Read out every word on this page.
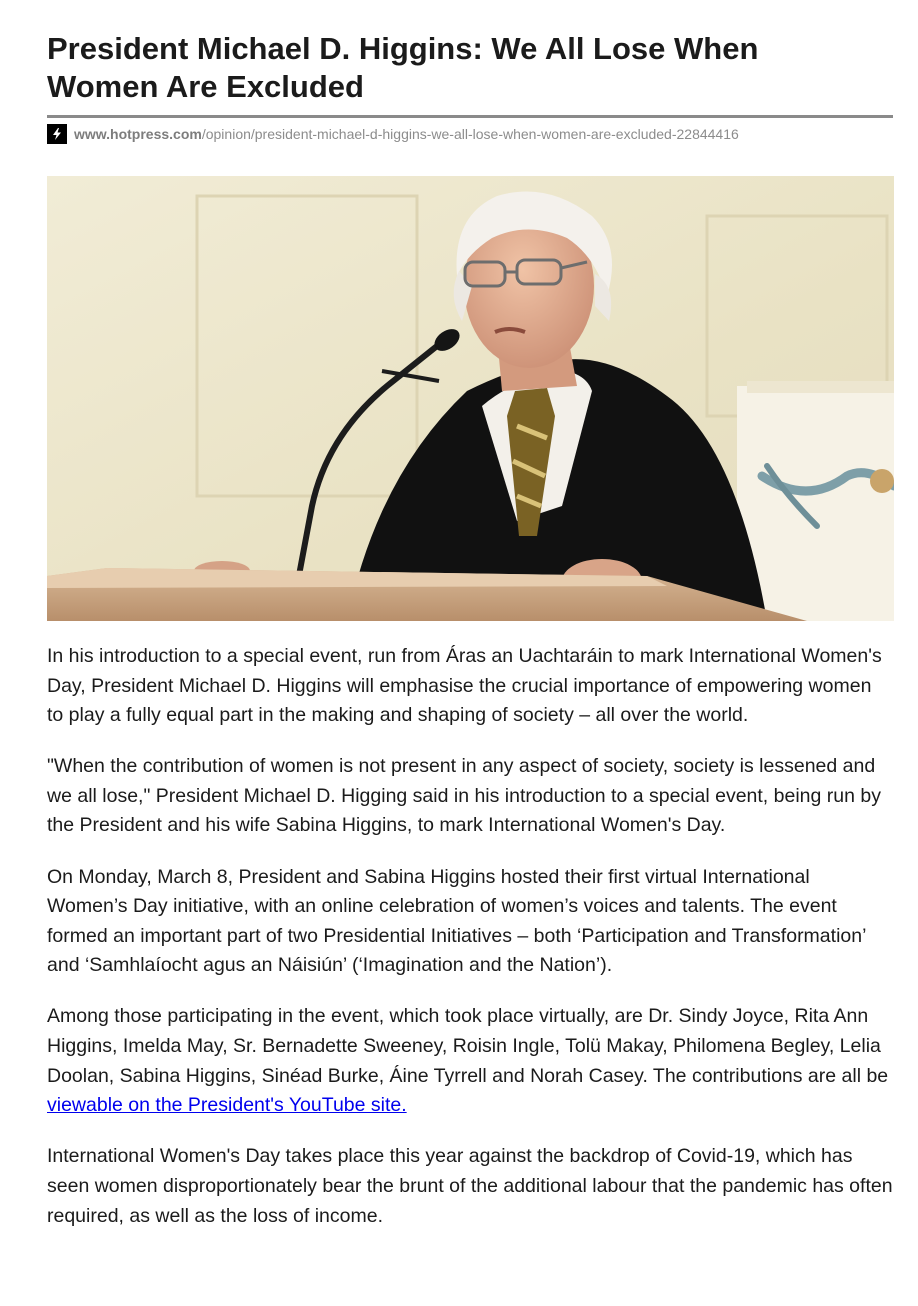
President Michael D. Higgins: We All Lose When Women Are Excluded
www.hotpress.com /opinion/president-michael-d-higgins-we-all-lose-when-women-are-excluded-22844416

In his introduction to a special event, run from Áras an Uachtaráin to mark International Women's Day, President Michael D. Higgins will emphasise the crucial importance of empowering women to play a fully equal part in the making and shaping of society – all over the world.

"When the contribution of women is not present in any aspect of society, society is lessened and we all lose," President Michael D. Higging said in his introduction to a special event, being run by the President and his wife Sabina Higgins, to mark International Women's Day.

On Monday, March 8, President and Sabina Higgins hosted their first virtual International Women’s Day initiative, with an online celebration of women’s voices and talents. The event formed an important part of two Presidential Initiatives – both ‘Participation and Transformation’ and ‘Samhlaíocht agus an Náisiún’ (‘Imagination and the Nation’).

Among those participating in the event, which took place virtually, are Dr. Sindy Joyce, Rita Ann Higgins, Imelda May, Sr. Bernadette Sweeney, Roisin Ingle, Tolü Makay, Philomena Begley, Lelia Doolan, Sabina Higgins, Sinéad Burke, Áine Tyrrell and Norah Casey. The contributions are all be viewable on the President's YouTube site.

International Women's Day takes place this year against the backdrop of Covid-19, which has seen women disproportionately bear the brunt of the additional labour that the pandemic has often required, as well as the loss of income.
